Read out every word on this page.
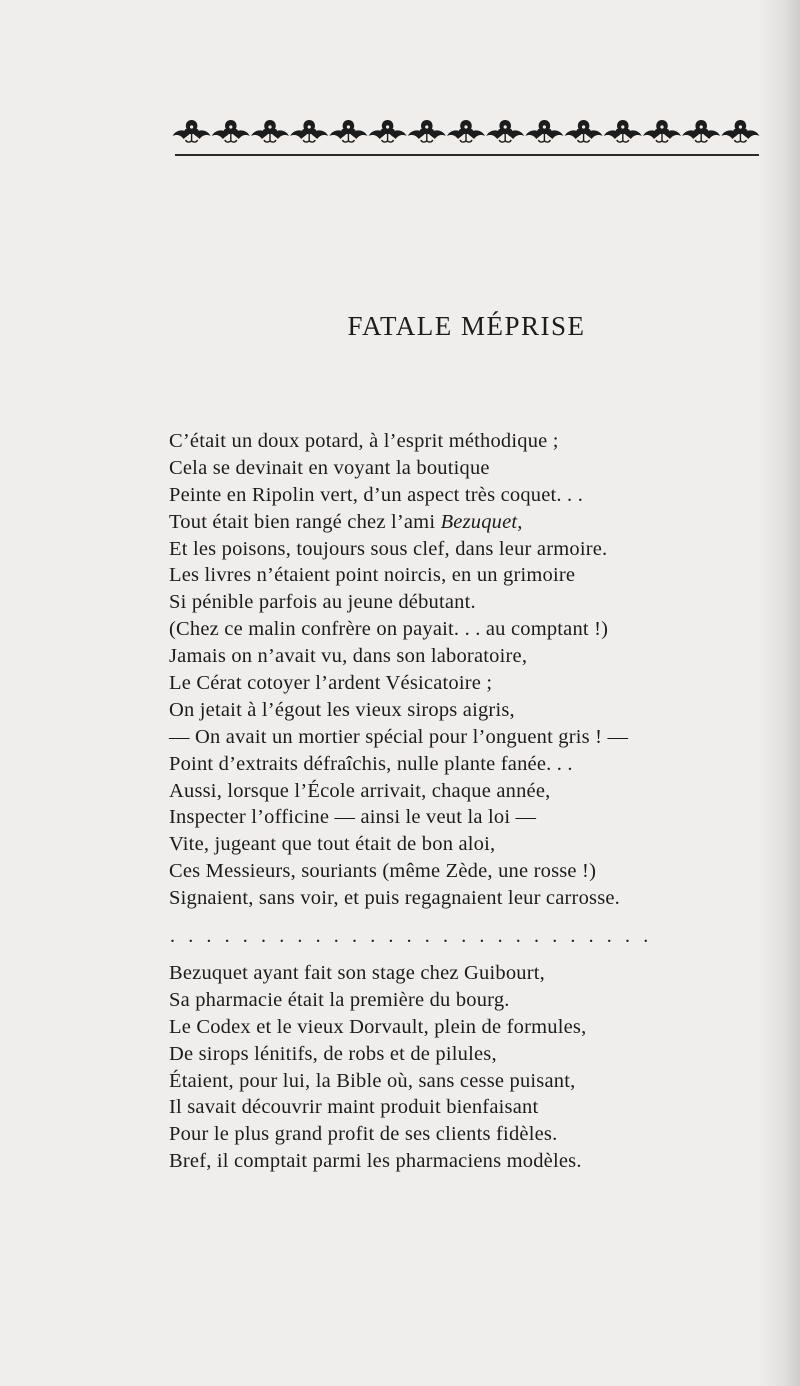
FATALE MÉPRISE
C’était un doux potard, à l’esprit méthodique ;
Cela se devinait en voyant la boutique
Peinte en Ripolin vert, d’un aspect très coquet. . .
Tout était bien rangé chez l’ami Bezuquet,
Et les poisons, toujours sous clef, dans leur armoire.
Les livres n’étaient point noircis, en un grimoire
Si pénible parfois au jeune débutant.
(Chez ce malin confrère on payait. . . au comptant !)
Jamais on n’avait vu, dans son laboratoire,
Le Cérat cotoyer l’ardent Vésicatoire ;
On jetait à l’égout les vieux sirops aigris,
— On avait un mortier spécial pour l’onguent gris ! —
Point d’extraits défraîchis, nulle plante fanée. . .
Aussi, lorsque l’École arrivait, chaque année,
Inspecter l’officine — ainsi le veut la loi —
Vite, jugeant que tout était de bon aloi,
Ces Messieurs, souriants (même Zède, une rosse !)
Signaient, sans voir, et puis regagnaient leur carrosse.
...........................
Bezuquet ayant fait son stage chez Guibourt,
Sa pharmacie était la première du bourg.
Le Codex et le vieux Dorvault, plein de formules,
De sirops lénitifs, de robs et de pilules,
Étaient, pour lui, la Bible où, sans cesse puisant,
Il savait découvrir maint produit bienfaisant
Pour le plus grand profit de ses clients fidèles.
Bref, il comptait parmi les pharmaciens modèles.
